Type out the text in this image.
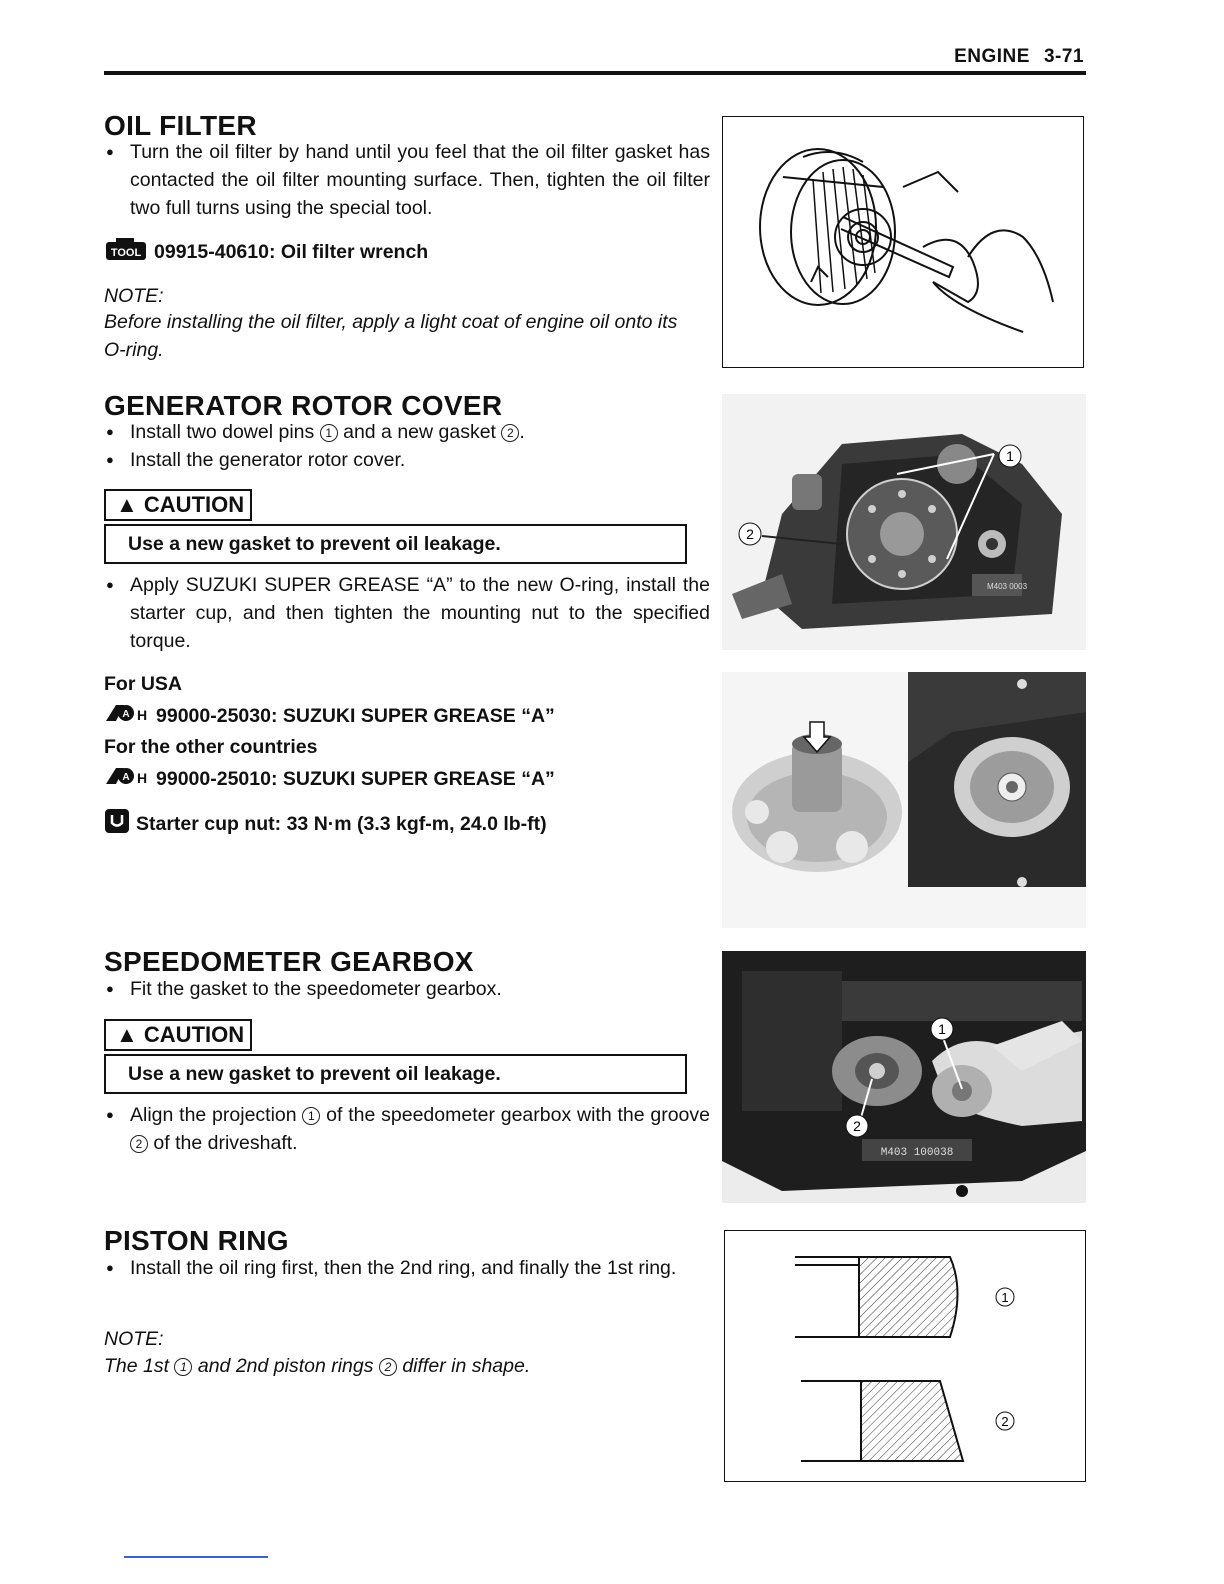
ENGINE 3-71
OIL FILTER
● Turn the oil filter by hand until you feel that the oil filter gasket has contacted the oil filter mounting surface. Then, tighten the oil filter two full turns using the special tool.
TOOL 09915-40610: Oil filter wrench
NOTE:
Before installing the oil filter, apply a light coat of engine oil onto its O-ring.
GENERATOR ROTOR COVER
● Install two dowel pins 1 and a new gasket 2 .
● Install the generator rotor cover.
▲ CAUTION
Use a new gasket to prevent oil leakage.
● Apply SUZUKI SUPER GREASE “A” to the new O-ring, install the starter cup, and then tighten the mounting nut to the specified torque.
For USA
A H 99000-25030: SUZUKI SUPER GREASE “A”
For the other countries
A H 99000-25010: SUZUKI SUPER GREASE “A”
Starter cup nut: 33 N·m (3.3 kgf-m, 24.0 lb-ft)
1
2
M403 0003
SPEEDOMETER GEARBOX
● Fit the gasket to the speedometer gearbox.
▲ CAUTION
Use a new gasket to prevent oil leakage.
● Align the projection 1 of the speedometer gearbox with the groove 2 of the driveshaft.
1
2
M403 100038
PISTON RING
● Install the oil ring first, then the 2nd ring, and finally the 1st ring.
NOTE:
The 1st 1 and 2nd piston rings 2 differ in shape.
1
2
